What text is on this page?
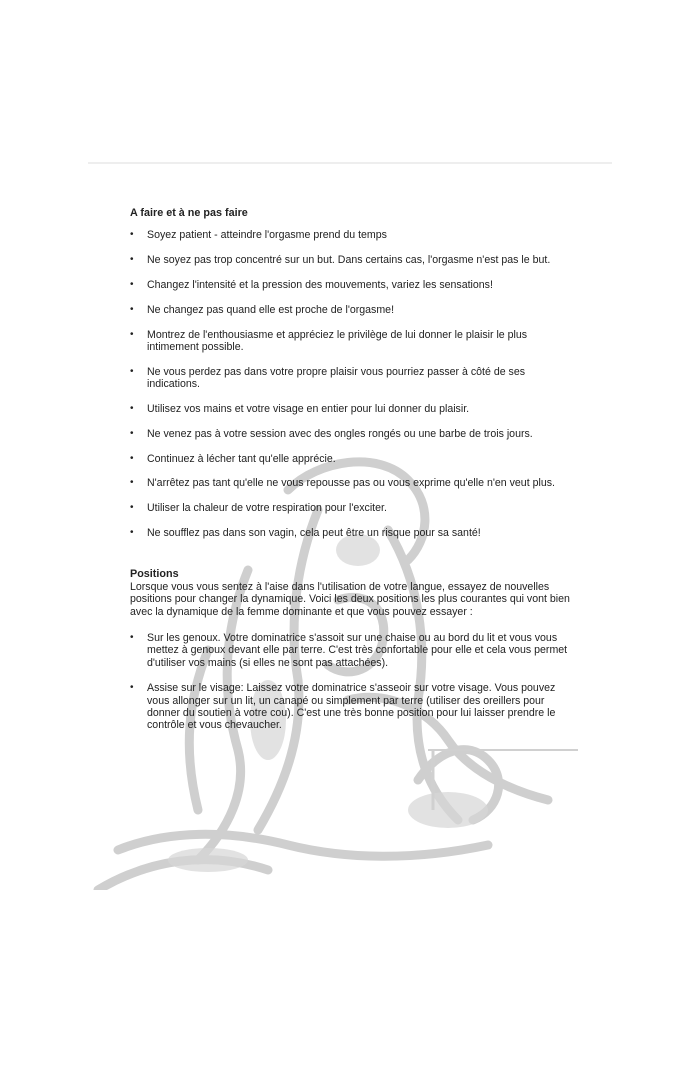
A faire et à ne pas faire
• Soyez patient - atteindre l'orgasme prend du temps
• Ne soyez pas trop concentré sur un but. Dans certains cas, l'orgasme n'est pas le but.
• Changez l'intensité et la pression des mouvements, variez les sensations!
• Ne changez pas quand elle est proche de l'orgasme!
• Montrez de l'enthousiasme et appréciez le privilège de lui donner le plaisir le plus intimement possible.
• Ne vous perdez pas dans votre propre plaisir vous pourriez passer à côté de ses indications.
• Utilisez vos mains et votre visage en entier pour lui donner du plaisir.
• Ne venez pas à votre session avec des ongles rongés ou une barbe de trois jours.
• Continuez à lécher tant qu'elle apprécie.
• N'arrêtez pas tant qu'elle ne vous repousse pas ou vous exprime qu'elle n'en veut plus.
• Utiliser la chaleur de votre respiration pour l'exciter.
• Ne soufflez pas dans son vagin, cela peut être un risque pour sa santé!
Positions

Lorsque vous vous sentez à l'aise dans l'utilisation de votre langue, essayez de nouvelles positions pour changer la dynamique. Voici les deux positions les plus courantes qui vont bien avec la dynamique de la femme dominante et que vous pouvez essayer :

• Sur les genoux. Votre dominatrice s'assoit sur une chaise ou au bord du lit et vous vous mettez à genoux devant elle par terre. C'est très confortable pour elle et cela vous permet d'utiliser vos mains (si elles ne sont pas attachées).
• Assise sur le visage: Laissez votre dominatrice s'asseoir sur votre visage. Vous pouvez vous allonger sur un lit, un canapé ou simplement par terre (utiliser des oreillers pour donner du soutien à votre cou). C'est une très bonne position pour lui laisser prendre le contrôle et vous chevaucher.
